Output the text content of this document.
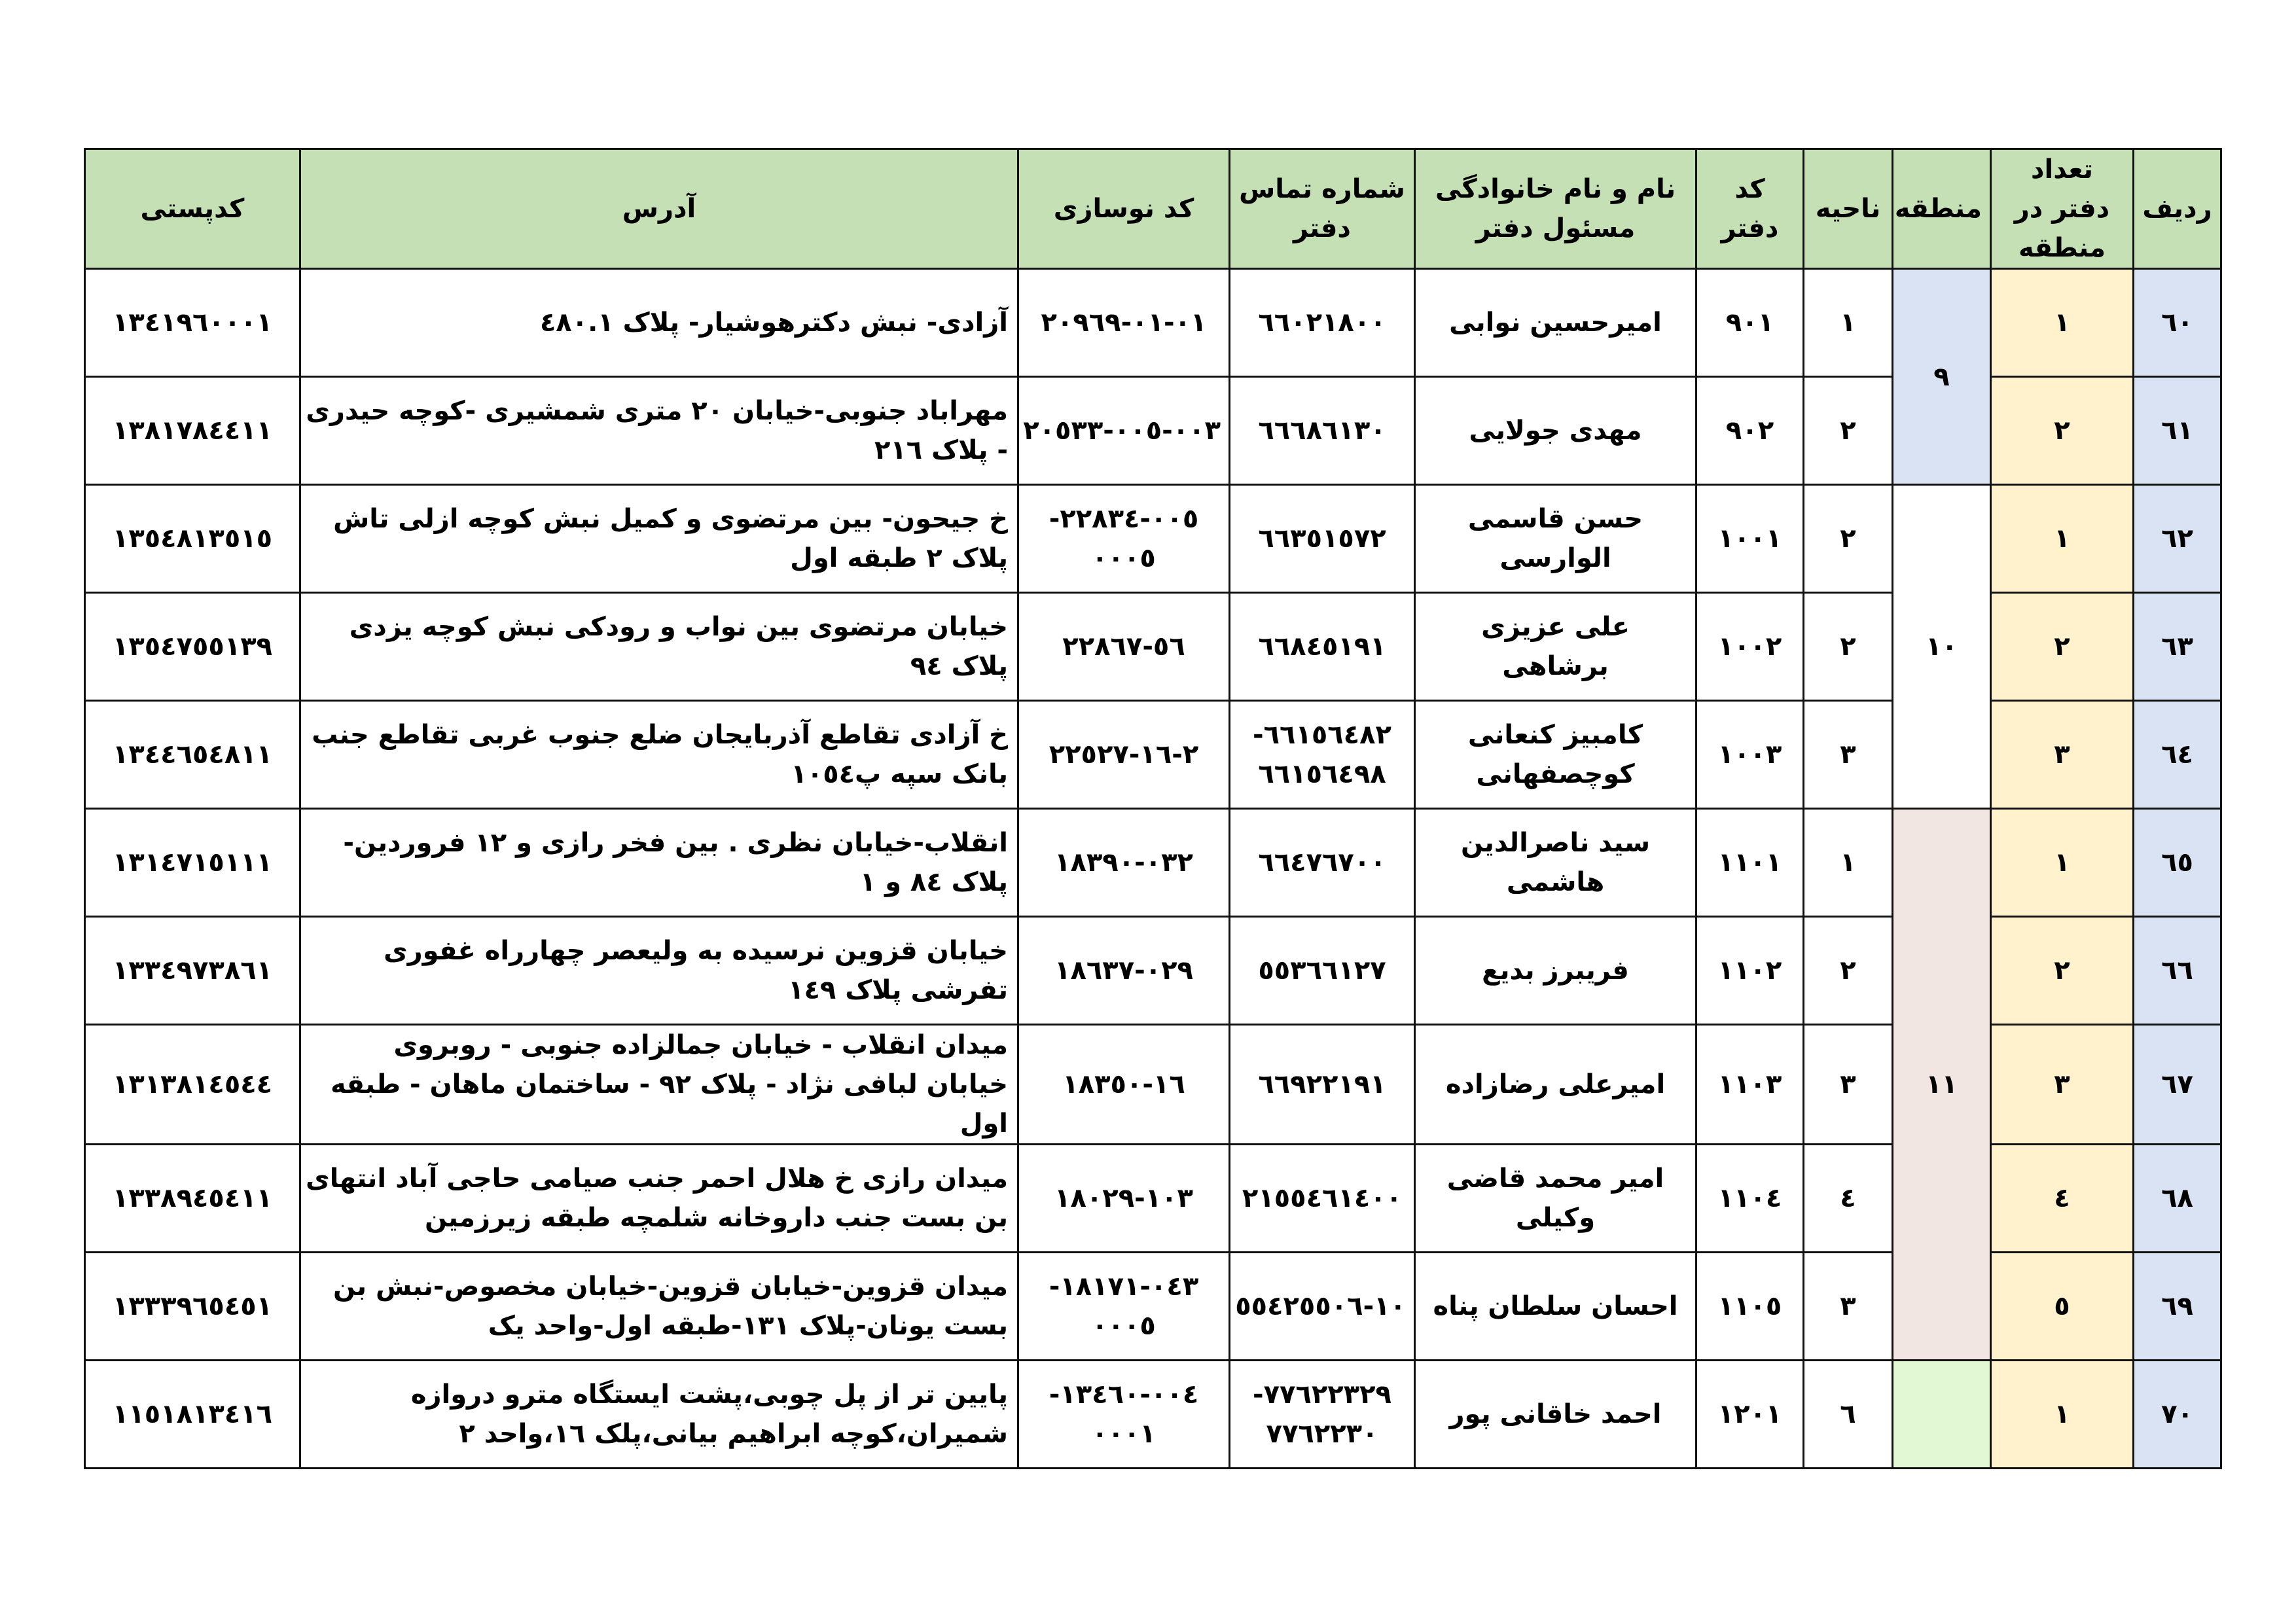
ردیف	تعداد دفتر در منطقه	منطقه	ناحیه	کد دفتر	نام و نام خانوادگی مسئول دفتر	شماره تماس دفتر	کد نوسازی	آدرس	کدپستی
٦٠	١	۹	١	٩٠١	امیرحسین نوابی	٦٦٠٢١٨٠٠	٠١-٠١-٢٠٩٦٩	آزادی- نبش دکترهوشیار- پلاک ٤٨٠.١	١٣٤١٩٦٠٠٠١
٦١	٢		٢	٩٠٢	مهدی جولایی	٦٦٦٨٦١٣٠	٠٠٣-٠٠٥-٢٠٥٣٣	مهراباد جنوبی-خیابان ٢٠ متری شمشیری -کوچه حیدری - پلاک ٢١٦	١٣٨١٧٨٤٤١١
٦٢	١	۱۰	٢	١٠٠١	حسن قاسمی الوارسی	٦٦٣٥١٥٧٢	٠٠٥-٢٢٨٣٤- ٠٠٠٥	خ جیحون- بین مرتضوی و کمیل نبش کوچه ازلی تاش پلاک ٢ طبقه اول	١٣٥٤٨١٣٥١٥
٦٣	٢		٢	١٠٠٢	علی عزیزی برشاهی	٦٦٨٤٥١٩١	٥٦-٢٢٨٦٧	خیابان مرتضوی بین نواب و رودکی نبش کوچه یزدی پلاک ٩٤	١٣٥٤٧٥٥١٣٩
٦٤	٣		٣	١٠٠٣	کامبیز کنعانی کوچصفهانی	٦٦١٥٦٤٨٢- ٦٦١٥٦٤٩٨	٢-١٦-٢٢٥٢٧	خ آزادی تقاطع آذربایجان ضلع جنوب غربی تقاطع جنب بانک سپه پ١٠٥٤	١٣٤٤٦٥٤٨١١
٦٥	١	۱۱	١	١١٠١	سید ناصرالدین هاشمی	٦٦٤٧٦٧٠٠	٠٣٢-١٨٣٩٠	انقلاب-خیابان نظری . بین فخر رازی و ١٢ فروردین- پلاک ٨٤ و ١	١٣١٤٧١٥١١١
٦٦	٢		٢	١١٠٢	فریبرز بدیع	٥٥٣٦٦١٢٧	٠٢٩-١٨٦٣٧	خیابان قزوین نرسیده به ولیعصر چهارراه غفوری تفرشی پلاک ١٤٩	١٣٣٤٩٧٣٨٦١
٦٧	٣		٣	١١٠٣	امیرعلی رضازاده	٦٦٩٢٢١٩١	١٦-١٨٣٥٠	میدان انقلاب - خیابان جمالزاده جنوبی - روبروی خیابان لبافی نژاد - پلاک ٩٢ - ساختمان ماهان - طبقه اول	١٣١٣٨١٤٥٤٤
٦٨	٤		٤	١١٠٤	امیر محمد قاضی وکیلی	٢١٥٥٤٦١٤٠٠	١٠٣-١٨٠٢٩	میدان رازی خ هلال احمر جنب صیامی حاجی آباد انتهای بن بست جنب داروخانه شلمچه طبقه زیرزمین	١٣٣٨٩٤٥٤١١
٦٩	٥		٣	١١٠٥	احسان سلطان پناه	١٠-٥٥٤٢٥٥٠٦	٠٤٣-١٨١٧١- ٠٠٠٥	میدان قزوین-خیابان قزوین-خیابان مخصوص-نبش بن بست یونان-پلاک ١٣١-طبقه اول-واحد یک	١٣٣٣٩٦٥٤٥١
٧٠	١		٦	١٢٠١	احمد خاقانی پور	٧٧٦٢٢٣٢٩- ٧٧٦٢٢٣٠	٠٠٤-١٣٤٦٠- ٠٠٠١	پایین تر از پل چوبی،پشت ایستگاه مترو دروازه شمیران،کوچه ابراهیم بیانی،پلک ١٦،واحد ٢	١١٥١٨١٣٤١٦
